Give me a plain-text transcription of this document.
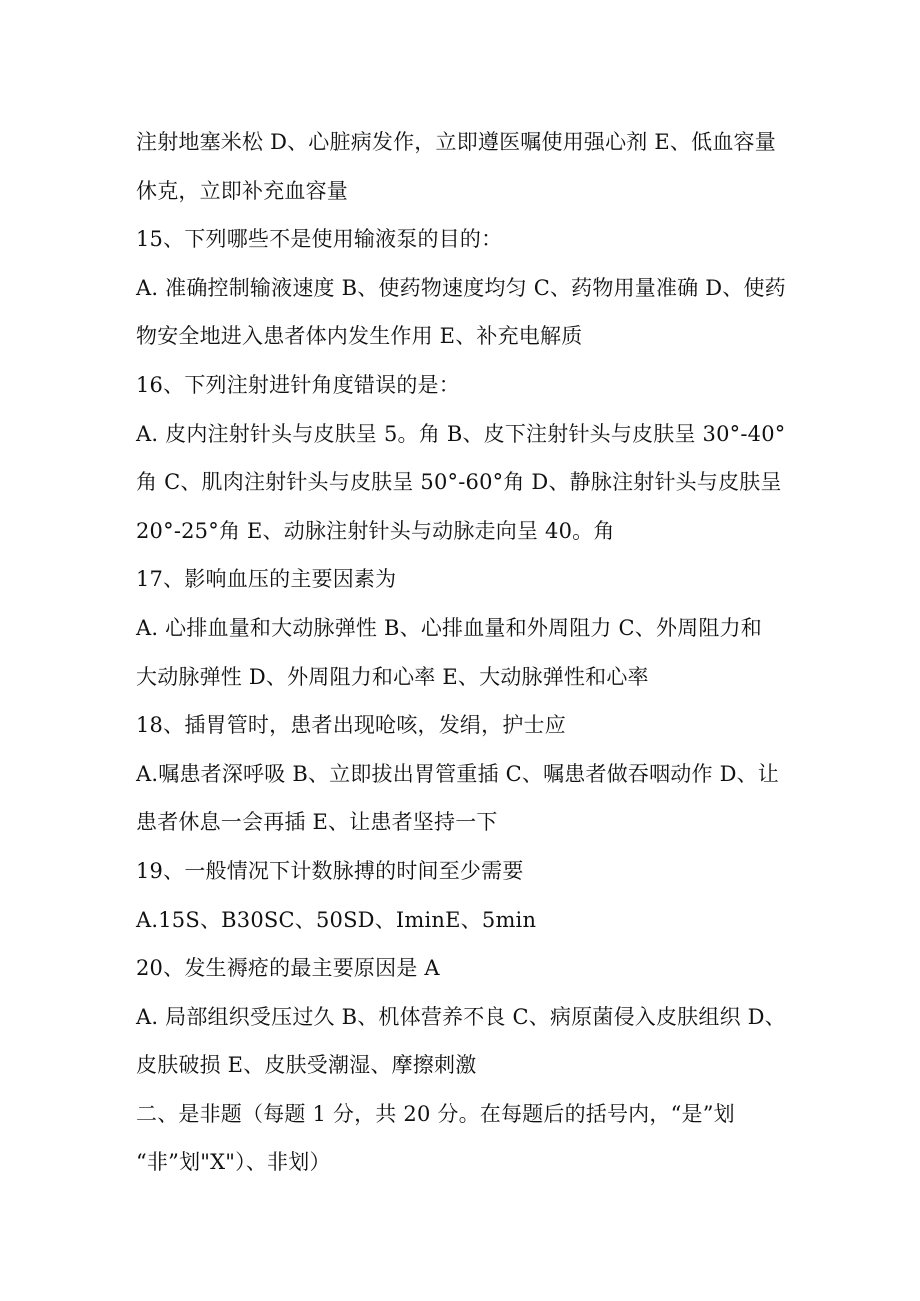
注射地塞米松 D、心脏病发作，立即遵医嘱使用强心剂 E、低血容量
休克，立即补充血容量
15、下列哪些不是使用输液泵的目的：
A. 准确控制输液速度 B、使药物速度均匀 C、药物用量准确 D、使药
物安全地进入患者体内发生作用 E、补充电解质
16、下列注射进针角度错误的是：
A. 皮内注射针头与皮肤呈 5。角 B、皮下注射针头与皮肤呈 30°-40°
角 C、肌肉注射针头与皮肤呈 50°-60°角 D、静脉注射针头与皮肤呈
20°-25°角 E、动脉注射针头与动脉走向呈 40。角
17、影响血压的主要因素为
A. 心排血量和大动脉弹性 B、心排血量和外周阻力 C、外周阻力和
大动脉弹性 D、外周阻力和心率 E、大动脉弹性和心率
18、插胃管时，患者出现呛咳，发绢，护士应
A.嘱患者深呼吸 B、立即拔出胃管重插 C、嘱患者做吞咽动作 D、让
患者休息一会再插 E、让患者坚持一下
19、一般情况下计数脉搏的时间至少需要
A.15S、B30SC、50SD、IminE、5min
20、发生褥疮的最主要原因是 A
A. 局部组织受压过久 B、机体营养不良 C、病原菌侵入皮肤组织 D、
皮肤破损 E、皮肤受潮湿、摩擦刺激
二、是非题（每题 1 分，共 20 分。在每题后的括号内，“是”划
“非”划"X"）、非划）
